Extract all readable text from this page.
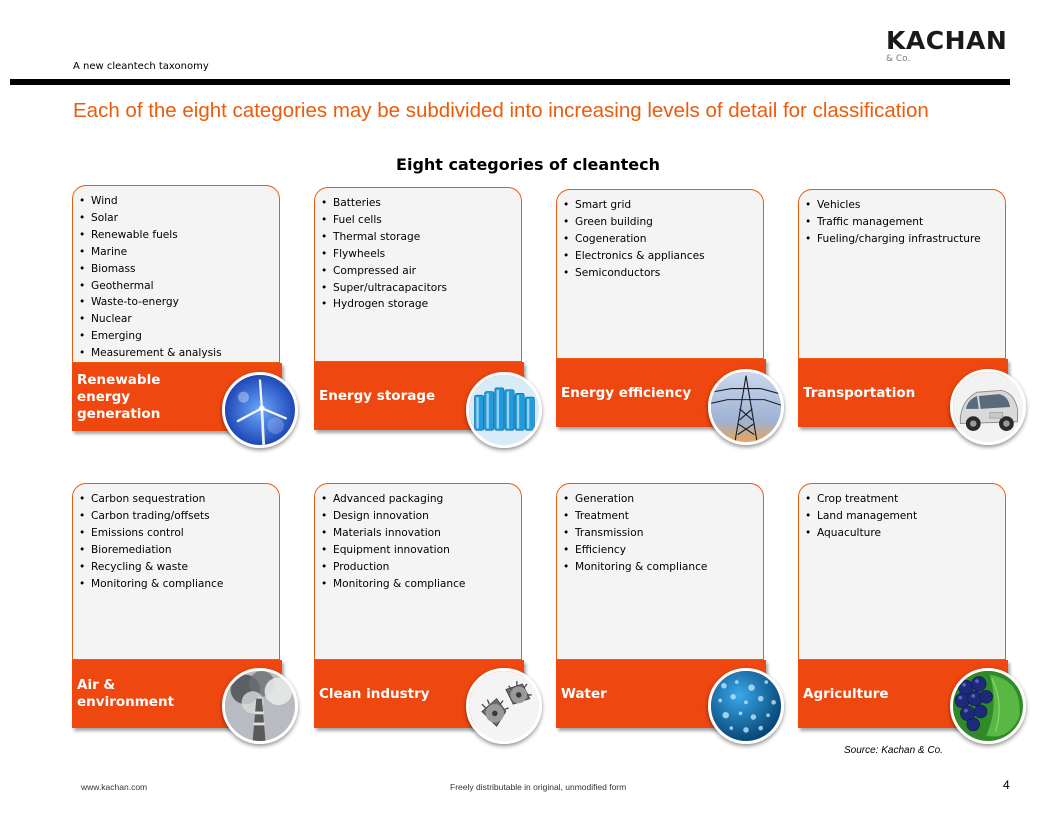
KACHAN
& Co.
A new cleantech taxonomy
Each of the eight categories may be subdivided into increasing levels of detail for classification
Eight categories of cleantech
• Wind
• Solar
• Renewable fuels
• Marine
• Biomass
• Geothermal
• Waste-to-energy
• Nuclear
• Emerging
• Measurement & analysis
Renewable energy generation
• Batteries
• Fuel cells
• Thermal storage
• Flywheels
• Compressed air
• Super/ultracapacitors
• Hydrogen storage
Energy storage
• Smart grid
• Green building
• Cogeneration
• Electronics & appliances
• Semiconductors
Energy efficiency
• Vehicles
• Traffic management
• Fueling/charging infrastructure
Transportation
• Carbon sequestration
• Carbon trading/offsets
• Emissions control
• Bioremediation
• Recycling & waste
• Monitoring & compliance
Air & environment
• Advanced packaging
• Design innovation
• Materials innovation
• Equipment innovation
• Production
• Monitoring & compliance
Clean industry
• Generation
• Treatment
• Transmission
• Efficiency
• Monitoring & compliance
Water
• Crop treatment
• Land management
• Aquaculture
Agriculture
Source: Kachan & Co.
www.kachan.com	Freely distributable in original, unmodified form	4
